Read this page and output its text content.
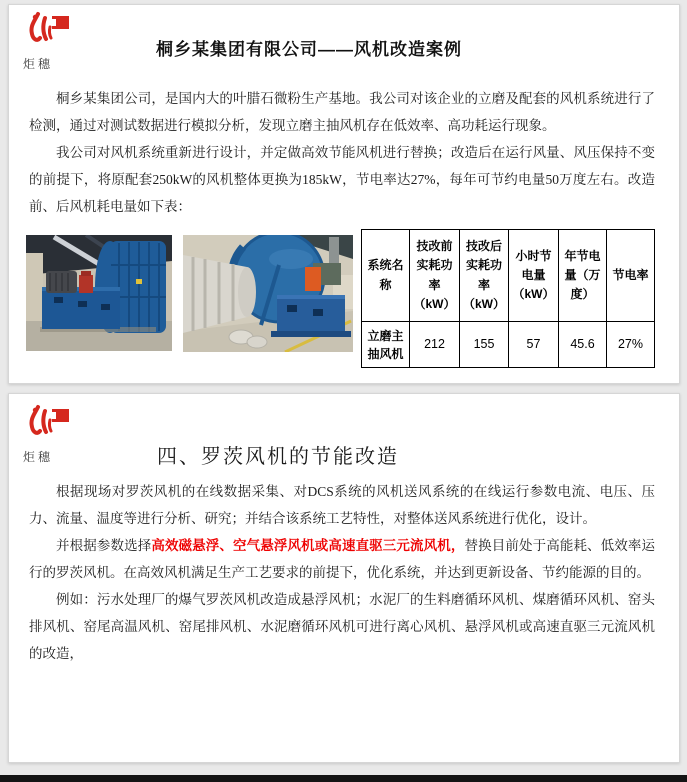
炬穗
桐乡某集团有限公司——风机改造案例

桐乡某集团公司，是国内大的叶腊石微粉生产基地。我公司对该企业的立磨及配套的风机系统进行了检测，通过对测试数据进行模拟分析，发现立磨主抽风机存在低效率、高功耗运行现象。

我公司对风机系统重新进行设计，并定做高效节能风机进行替换；改造后在运行风量、风压保持不变的前提下，将原配套250kW的风机整体更换为185kW，节电率达27%，每年可节约电量50万度左右。改造前、后风机耗电量如下表：

系统名称	技改前实耗功率（kW）	技改后实耗功率（kW）	小时节电量（kW）	年节电量（万度）	节电率
立磨主抽风机	212	155	57	45.6	27%
炬穗	四、罗茨风机的节能改造

根据现场对罗茨风机的在线数据采集、对DCS系统的风机送风系统的在线运行参数电流、电压、压力、流量、温度等进行分析、研究；并结合该系统工艺特性，对整体送风系统进行优化，设计。

并根据参数选择高效磁悬浮、空气悬浮风机或高速直驱三元流风机，替换目前处于高能耗、低效率运行的罗茨风机。在高效风机满足生产工艺要求的前提下，优化系统，并达到更新设备、节约能源的目的。

例如：污水处理厂的爆气罗茨风机改造成悬浮风机；水泥厂的生料磨循环风机、煤磨循环风机、窑头排风机、窑尾高温风机、窑尾排风机、水泥磨循环风机可进行离心风机、悬浮风机或高速直驱三元流风机的改造，
